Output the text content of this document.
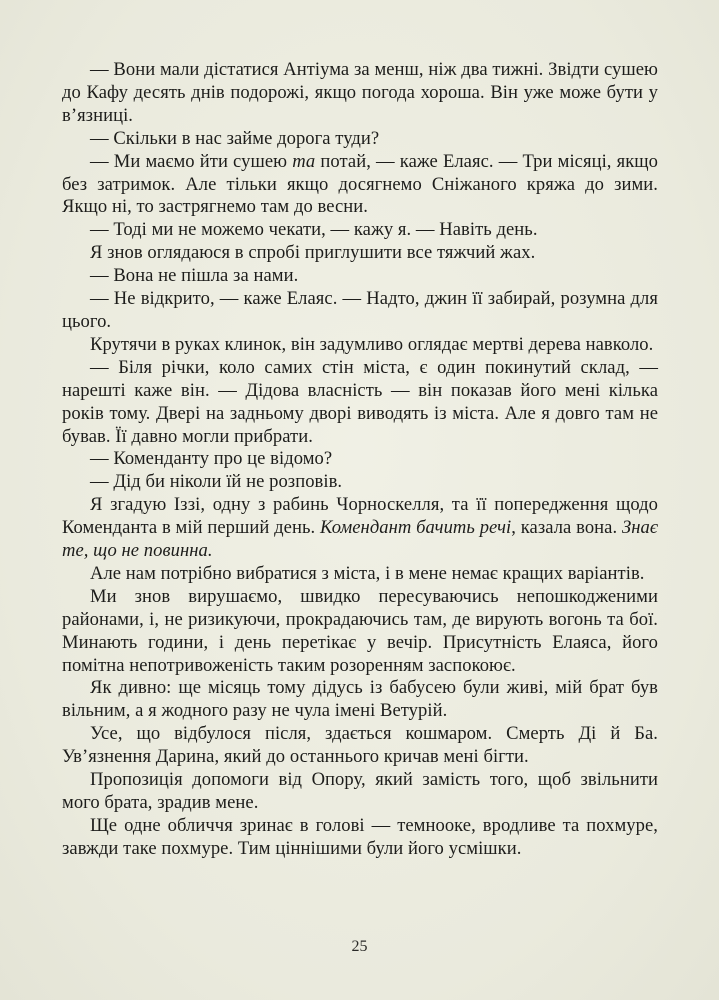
— Вони мали дістатися Антіума за менш, ніж два тижні. Звідти сушею до Кафу десять днів подорожі, якщо погода хороша. Він уже може бути у в’язниці.

— Скільки в нас займе дорога туди?

— Ми маємо йти сушею та потай, — каже Елаяс. — Три місяці, якщо без затримок. Але тільки якщо досягнемо Сніжаного кряжа до зими. Якщо ні, то застрягнемо там до весни.

— Тоді ми не можемо чекати, — кажу я. — Навіть день.

Я знов оглядаюся в спробі приглушити все тяжчий жах.

— Вона не пішла за нами.

— Не відкрито, — каже Елаяс. — Надто, джин її забирай, розумна для цього.

Крутячи в руках клинок, він задумливо оглядає мертві дерева навколо.

— Біля річки, коло самих стін міста, є один покинутий склад, — нарешті каже він. — Дідова власність — він показав його мені кілька років тому. Двері на задньому дворі виводять із міста. Але я довго там не бував. Її давно могли прибрати.

— Коменданту про це відомо?

— Дід би ніколи їй не розповів.

Я згадую Іззі, одну з рабинь Чорноскелля, та її попередження щодо Коменданта в мій перший день. Комендант бачить речі, казала вона. Знає те, що не повинна.

Але нам потрібно вибратися з міста, і в мене немає кращих варіантів.

Ми знов вирушаємо, швидко пересуваючись непошкодженими районами, і, не ризикуючи, прокрадаючись там, де вирують вогонь та бої. Минають години, і день перетікає у вечір. Присутність Елаяса, його помітна непотривоженість таким розоренням заспокоює.

Як дивно: ще місяць тому дідусь із бабусею були живі, мій брат був вільним, а я жодного разу не чула імені Ветурій.

Усе, що відбулося після, здається кошмаром. Смерть Ді й Ба. Ув’язнення Дарина, який до останнього кричав мені бігти.

Пропозиція допомоги від Опору, який замість того, щоб звільнити мого брата, зрадив мене.

Ще одне обличчя зринає в голові — темнооке, вродливе та похмуре, завжди таке похмуре. Тим ціннішими були його усмішки.

25
